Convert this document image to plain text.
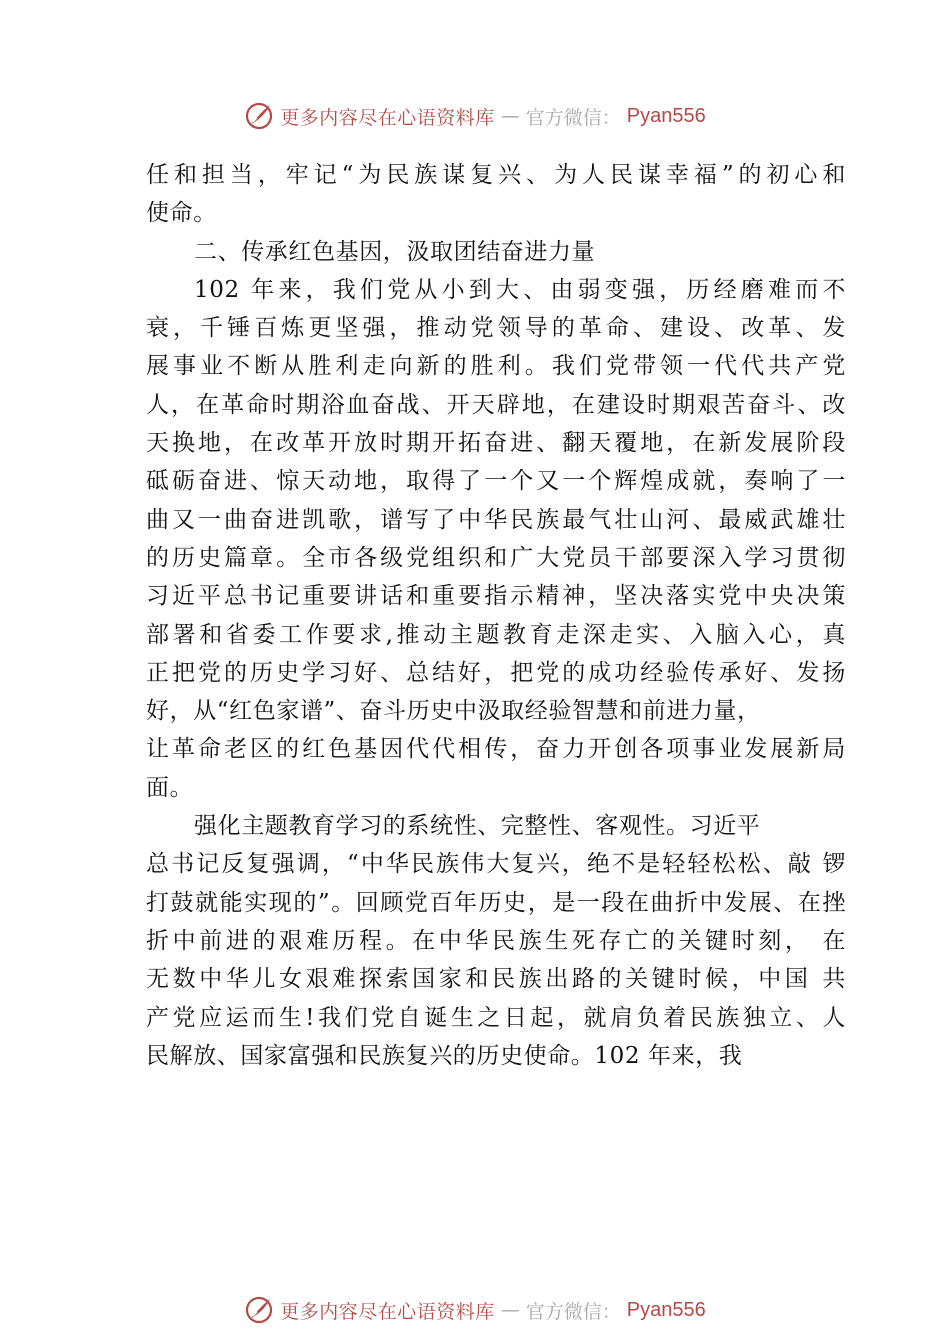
更多内容尽在心语资料库 — 官方微信： Pyan556
任和担当，牢记“为民族谋复兴、为人民谋幸福”的初心和
使命。
二、传承红色基因，汲取团结奋进力量
102 年来，我们党从小到大、由弱变强，历经磨难而不
衰，千锤百炼更坚强，推动党领导的革命、建设、改革、发
展事业不断从胜利走向新的胜利。我们党带领一代代共产党
人，在革命时期浴血奋战、开天辟地，在建设时期艰苦奋斗、改
天换地，在改革开放时期开拓奋进、翻天覆地，在新发展阶段
砥砺奋进、惊天动地，取得了一个又一个辉煌成就，奏响了一
曲又一曲奋进凯歌，谱写了中华民族最气壮山河、最威武雄壮
的历史篇章。全市各级党组织和广大党员干部要深入学习贯彻
习近平总书记重要讲话和重要指示精神，坚决落实党中央决策
部署和省委工作要求,推动主题教育走深走实、入脑入心，真
正把党的历史学习好、总结好，把党的成功经验传承好、发扬
好，从“红色家谱”、奋斗历史中汲取经验智慧和前进力量，
让革命老区的红色基因代代相传，奋力开创各项事业发展新局
面。
强化主题教育学习的系统性、完整性、客观性。习近平
总书记反复强调，“中华民族伟大复兴，绝不是轻轻松松、敲 锣
打鼓就能实现的”。回顾党百年历史，是一段在曲折中发展、在挫
折中前进的艰难历程。在中华民族生死存亡的关键时刻， 在
无数中华儿女艰难探索国家和民族出路的关键时候，中国 共
产党应运而生!我们党自诞生之日起，就肩负着民族独立、人
民解放、国家富强和民族复兴的历史使命。102 年来，我
更多内容尽在心语资料库 — 官方微信： Pyan556
